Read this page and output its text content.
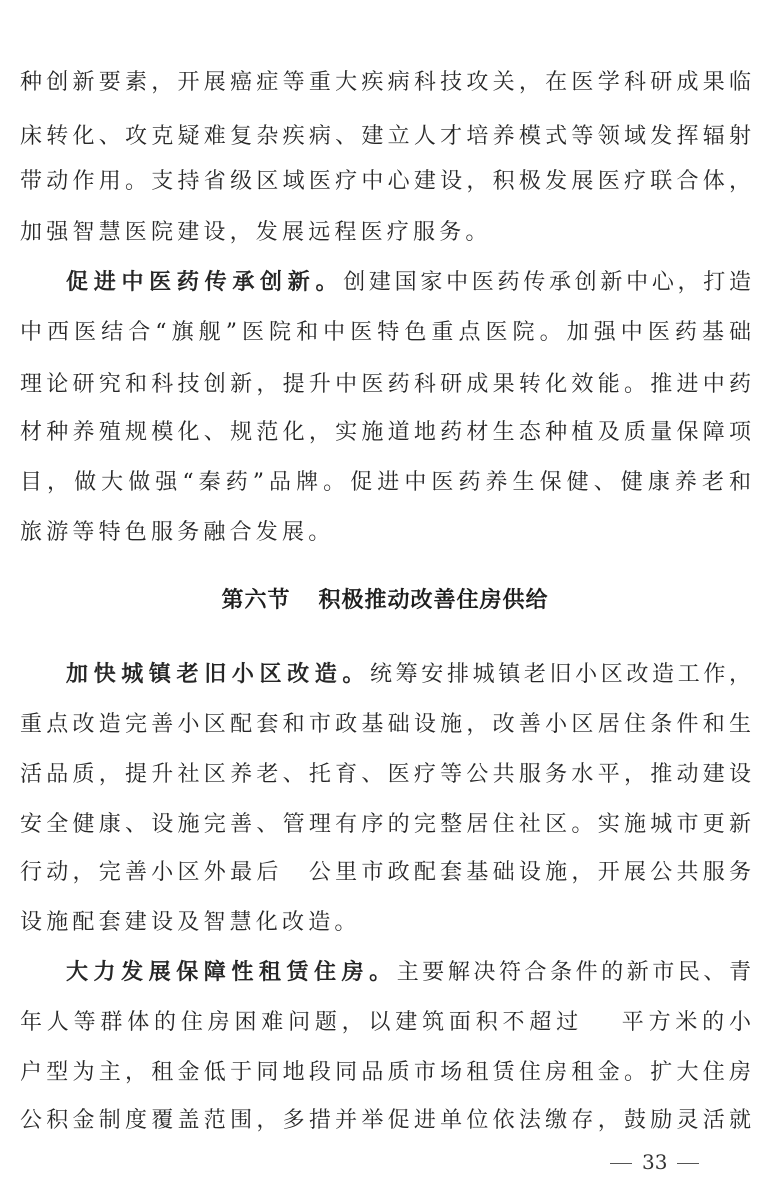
种创新要素，开展癌症等重大疾病科技攻关，在医学科研成果临
床转化、攻克疑难复杂疾病、建立人才培养模式等领域发挥辐射
带动作用。支持省级区域医疗中心建设，积极发展医疗联合体，
加强智慧医院建设，发展远程医疗服务。
促进中医药传承创新。创建国家中医药传承创新中心，打造
中西医结合“旗舰”医院和中医特色重点医院。加强中医药基础
理论研究和科技创新，提升中医药科研成果转化效能。推进中药
材种养殖规模化、规范化，实施道地药材生态种植及质量保障项
目，做大做强“秦药”品牌。促进中医药养生保健、健康养老和
旅游等特色服务融合发展。
第六节 积极推动改善住房供给
加快城镇老旧小区改造。统筹安排城镇老旧小区改造工作，
重点改造完善小区配套和市政基础设施，改善小区居住条件和生
活品质，提升社区养老、托育、医疗等公共服务水平，推动建设
安全健康、设施完善、管理有序的完整居住社区。实施城市更新
行动，完善小区外最后 公里市政配套基础设施，开展公共服务
设施配套建设及智慧化改造。
大力发展保障性租赁住房。主要解决符合条件的新市民、青
年人等群体的住房困难问题，以建筑面积不超过 平方米的小
户型为主，租金低于同地段同品质市场租赁住房租金。扩大住房
公积金制度覆盖范围，多措并举促进单位依法缴存，鼓励灵活就
33
